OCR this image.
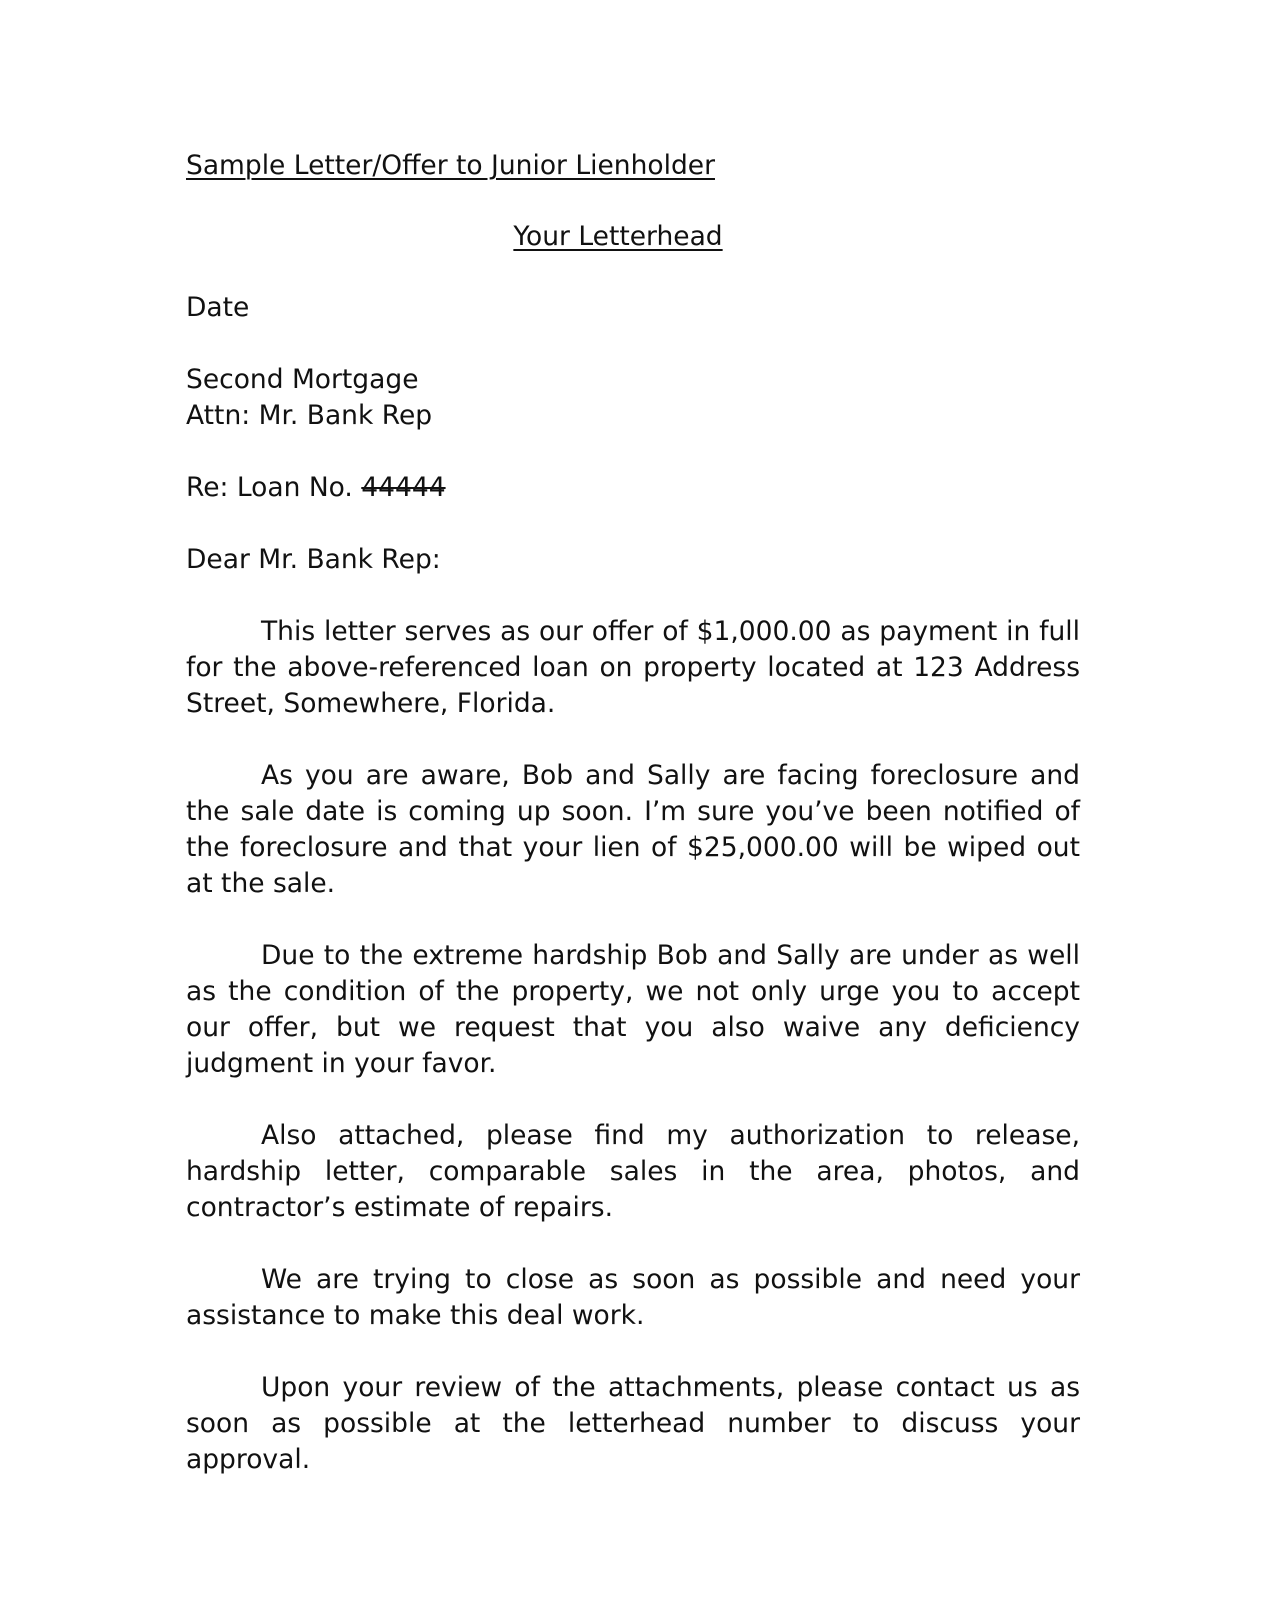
Sample Letter/Offer to Junior Lienholder
Your Letterhead
Date
Second Mortgage
Attn: Mr. Bank Rep
Re: Loan No. 44444
Dear Mr. Bank Rep:

This letter serves as our offer of $1,000.00 as payment in full for the above-referenced loan on property located at 123 Address Street, Somewhere, Florida.

As you are aware, Bob and Sally are facing foreclosure and the sale date is coming up soon. I’m sure you’ve been notified of the foreclosure and that your lien of $25,000.00 will be wiped out at the sale.

Due to the extreme hardship Bob and Sally are under as well as the condition of the property, we not only urge you to accept our offer, but we request that you also waive any deficiency judgment in your favor.

Also attached, please find my authorization to release, hardship letter, comparable sales in the area, photos, and contractor’s estimate of repairs.

We are trying to close as soon as possible and need your assistance to make this deal work.

Upon your review of the attachments, please contact us as soon as possible at the letterhead number to discuss your approval.
